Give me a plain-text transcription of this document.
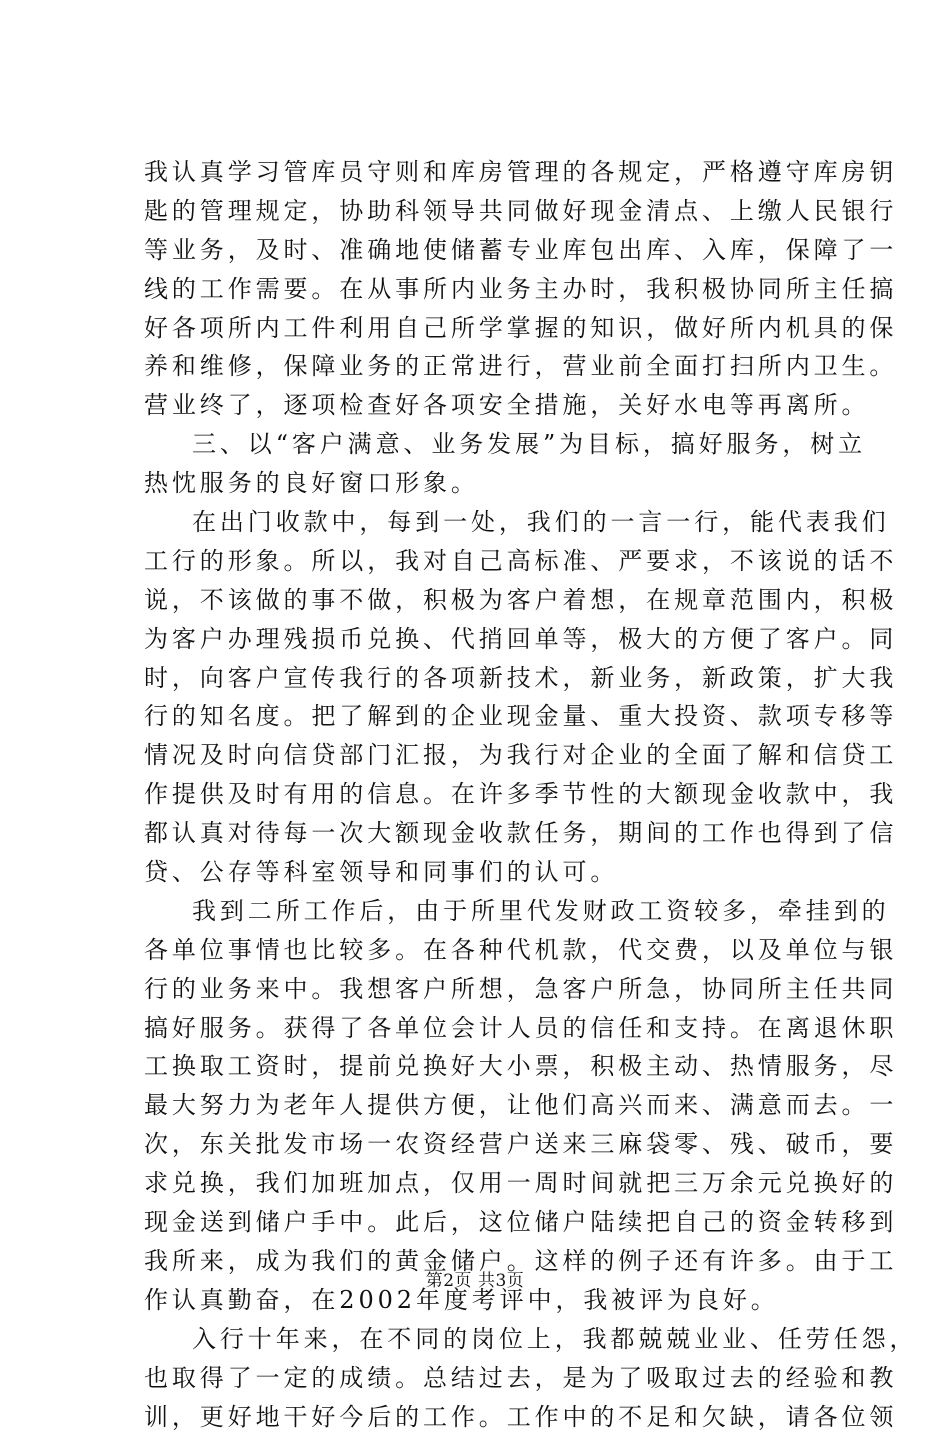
我认真学习管库员守则和库房管理的各规定，严格遵守库房钥
匙的管理规定，协助科领导共同做好现金清点、上缴人民银行
等业务，及时、准确地使储蓄专业库包出库、入库，保障了一
线的工作需要。在从事所内业务主办时，我积极协同所主任搞
好各项所内工件利用自己所学掌握的知识，做好所内机具的保
养和维修，保障业务的正常进行，营业前全面打扫所内卫生。
营业终了，逐项检查好各项安全措施，关好水电等再离所。
三、以“客户满意、业务发展”为目标，搞好服务，树立
热忱服务的良好窗口形象。
在出门收款中，每到一处，我们的一言一行，能代表我们
工行的形象。所以，我对自己高标准、严要求，不该说的话不
说，不该做的事不做，积极为客户着想，在规章范围内，积极
为客户办理残损币兑换、代捎回单等，极大的方便了客户。同
时，向客户宣传我行的各项新技术，新业务，新政策，扩大我
行的知名度。把了解到的企业现金量、重大投资、款项专移等
情况及时向信贷部门汇报，为我行对企业的全面了解和信贷工
作提供及时有用的信息。在许多季节性的大额现金收款中，我
都认真对待每一次大额现金收款任务，期间的工作也得到了信
贷、公存等科室领导和同事们的认可。
我到二所工作后，由于所里代发财政工资较多，牵挂到的
各单位事情也比较多。在各种代机款，代交费，以及单位与银
行的业务来中。我想客户所想，急客户所急，协同所主任共同
搞好服务。获得了各单位会计人员的信任和支持。在离退休职
工换取工资时，提前兑换好大小票，积极主动、热情服务，尽
最大努力为老年人提供方便，让他们高兴而来、满意而去。一
次，东关批发市场一农资经营户送来三麻袋零、残、破币，要
求兑换，我们加班加点，仅用一周时间就把三万余元兑换好的
现金送到储户手中。此后，这位储户陆续把自己的资金转移到
我所来，成为我们的黄金储户。这样的例子还有许多。由于工
作认真勤奋，在2002年度考评中，我被评为良好。
入行十年来，在不同的岗位上，我都兢兢业业、任劳任怨，
也取得了一定的成绩。总结过去，是为了吸取过去的经验和教
训，更好地干好今后的工作。工作中的不足和欠缺，请各位领
第2页 共3页
